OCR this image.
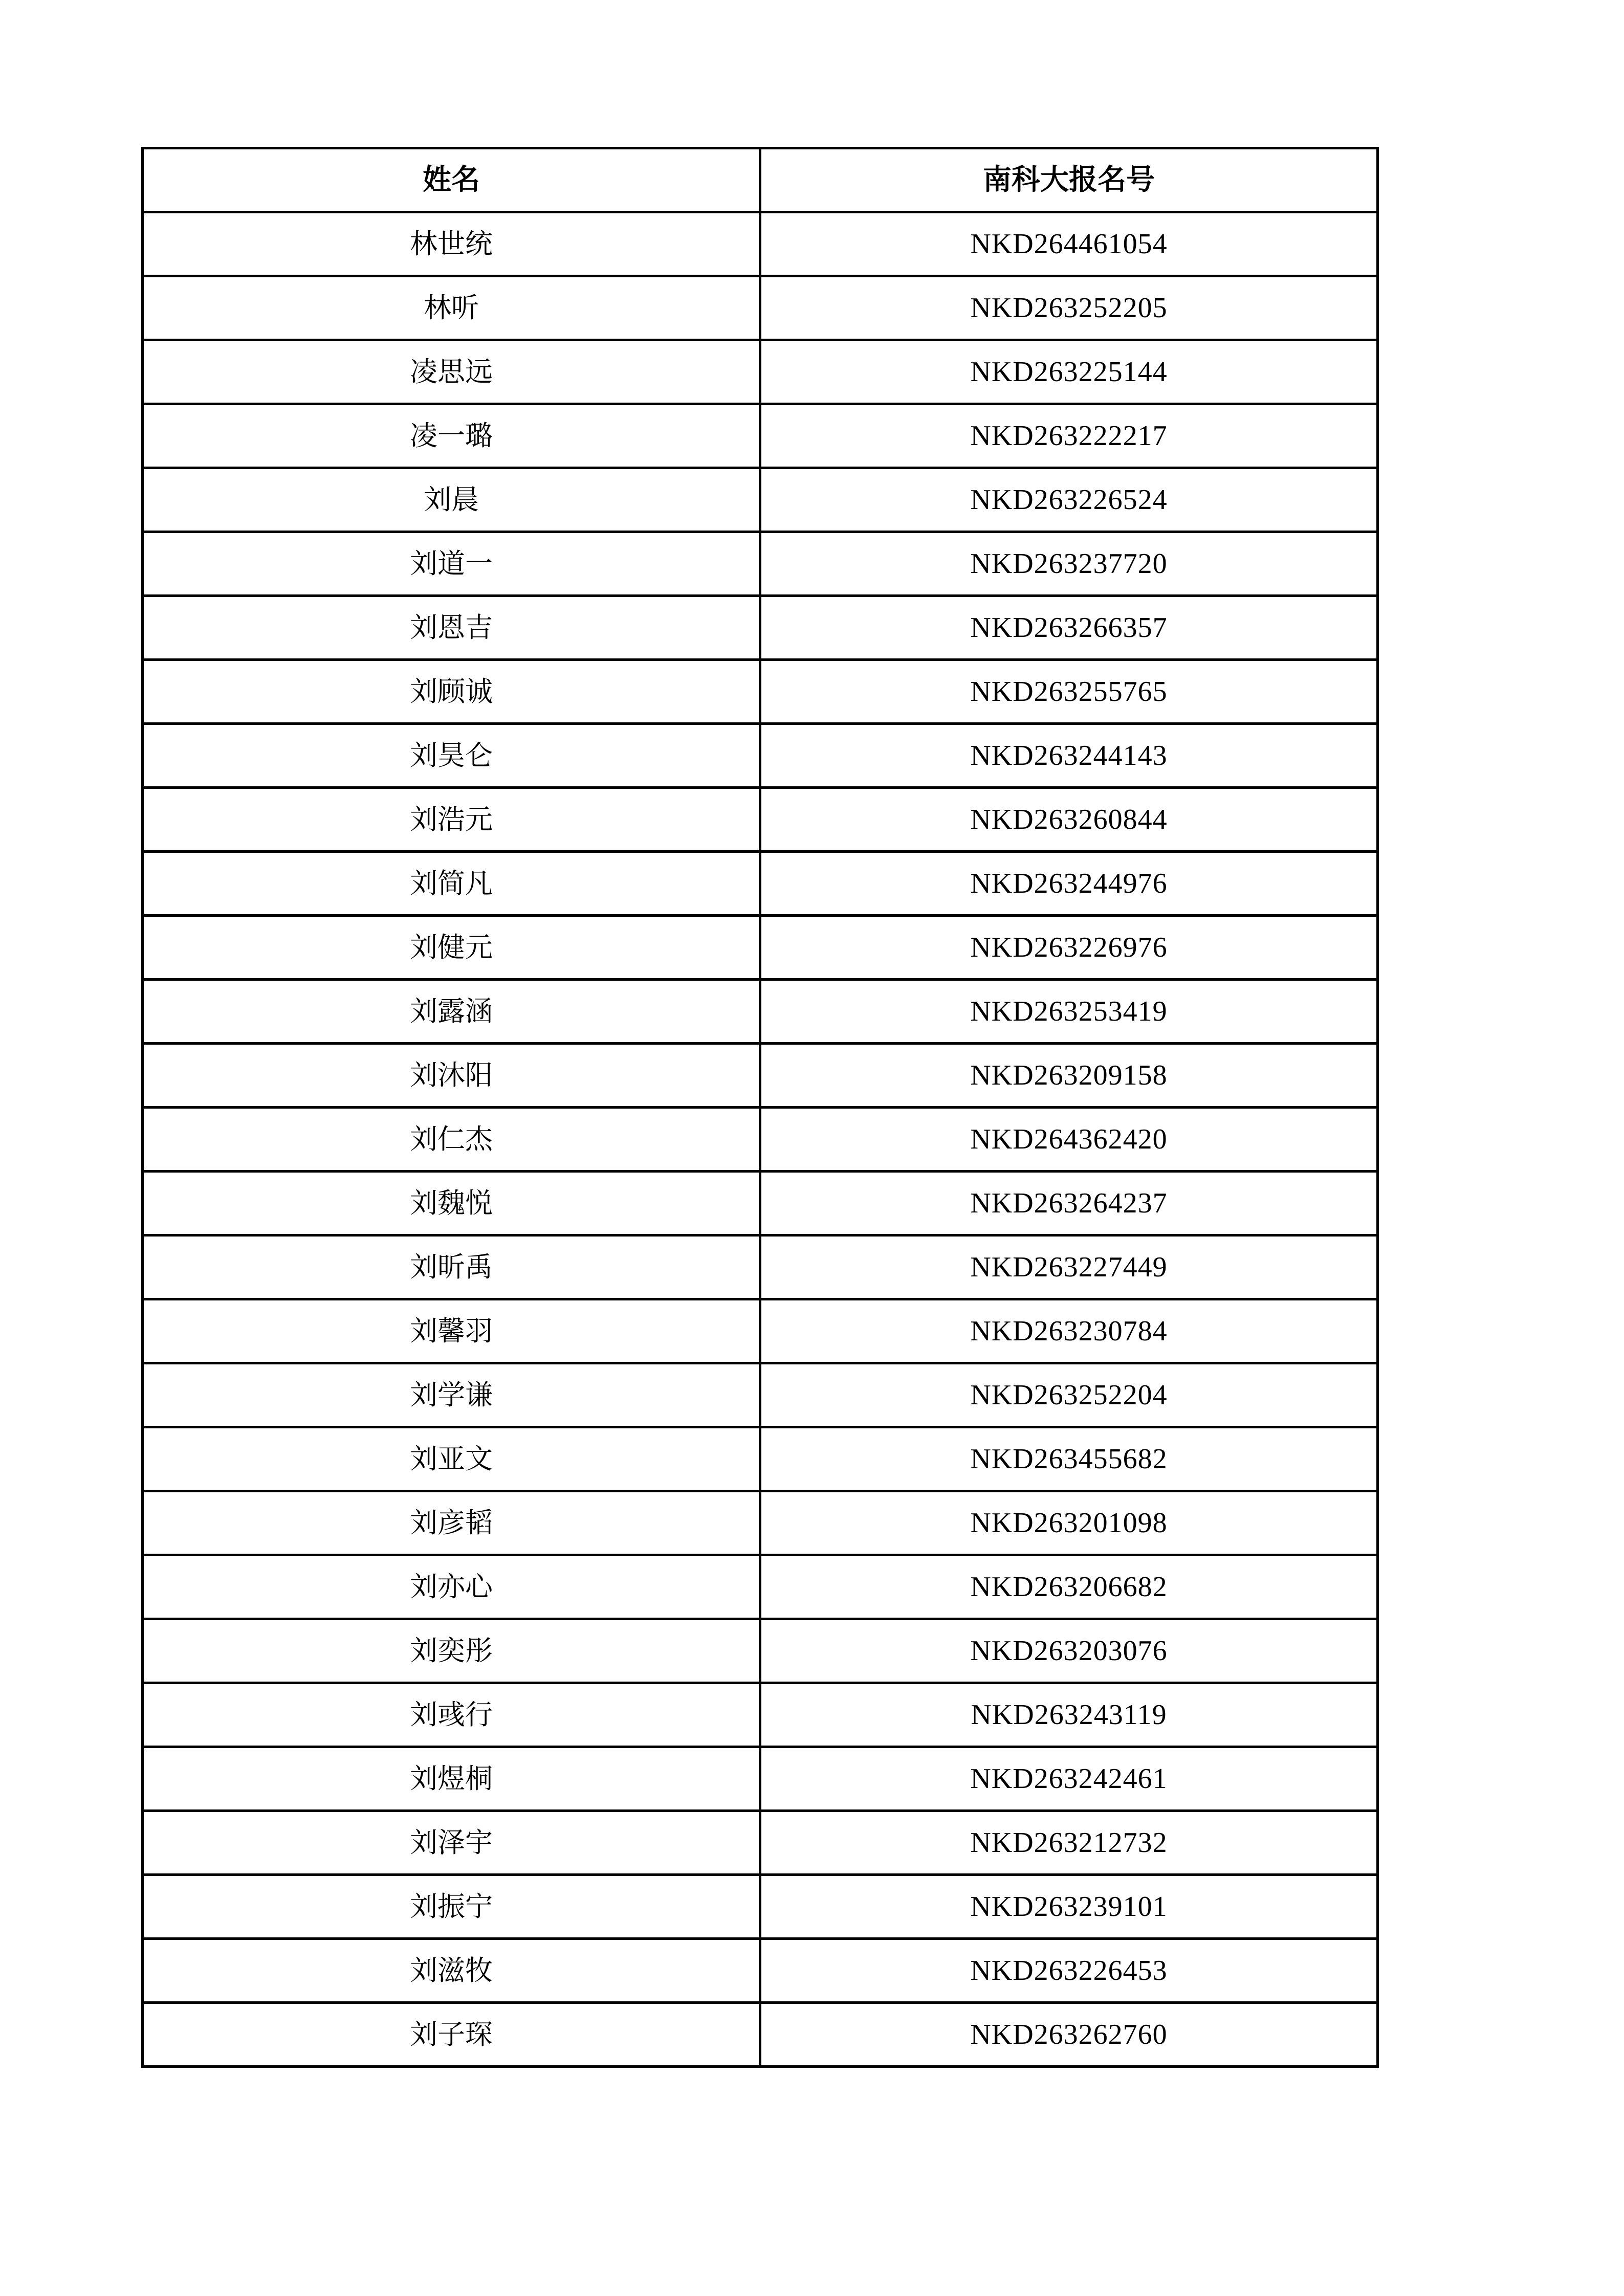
姓名	南科大报名号
林世统	NKD264461054
林听	NKD263252205
凌思远	NKD263225144
凌一璐	NKD263222217
刘晨	NKD263226524
刘道一	NKD263237720
刘恩吉	NKD263266357
刘顾诚	NKD263255765
刘昊仑	NKD263244143
刘浩元	NKD263260844
刘简凡	NKD263244976
刘健元	NKD263226976
刘露涵	NKD263253419
刘沐阳	NKD263209158
刘仁杰	NKD264362420
刘魏悦	NKD263264237
刘昕禹	NKD263227449
刘馨羽	NKD263230784
刘学谦	NKD263252204
刘亚文	NKD263455682
刘彦韬	NKD263201098
刘亦心	NKD263206682
刘奕彤	NKD263203076
刘彧行	NKD263243119
刘煜桐	NKD263242461
刘泽宇	NKD263212732
刘振宁	NKD263239101
刘滋牧	NKD263226453
刘子琛	NKD263262760
